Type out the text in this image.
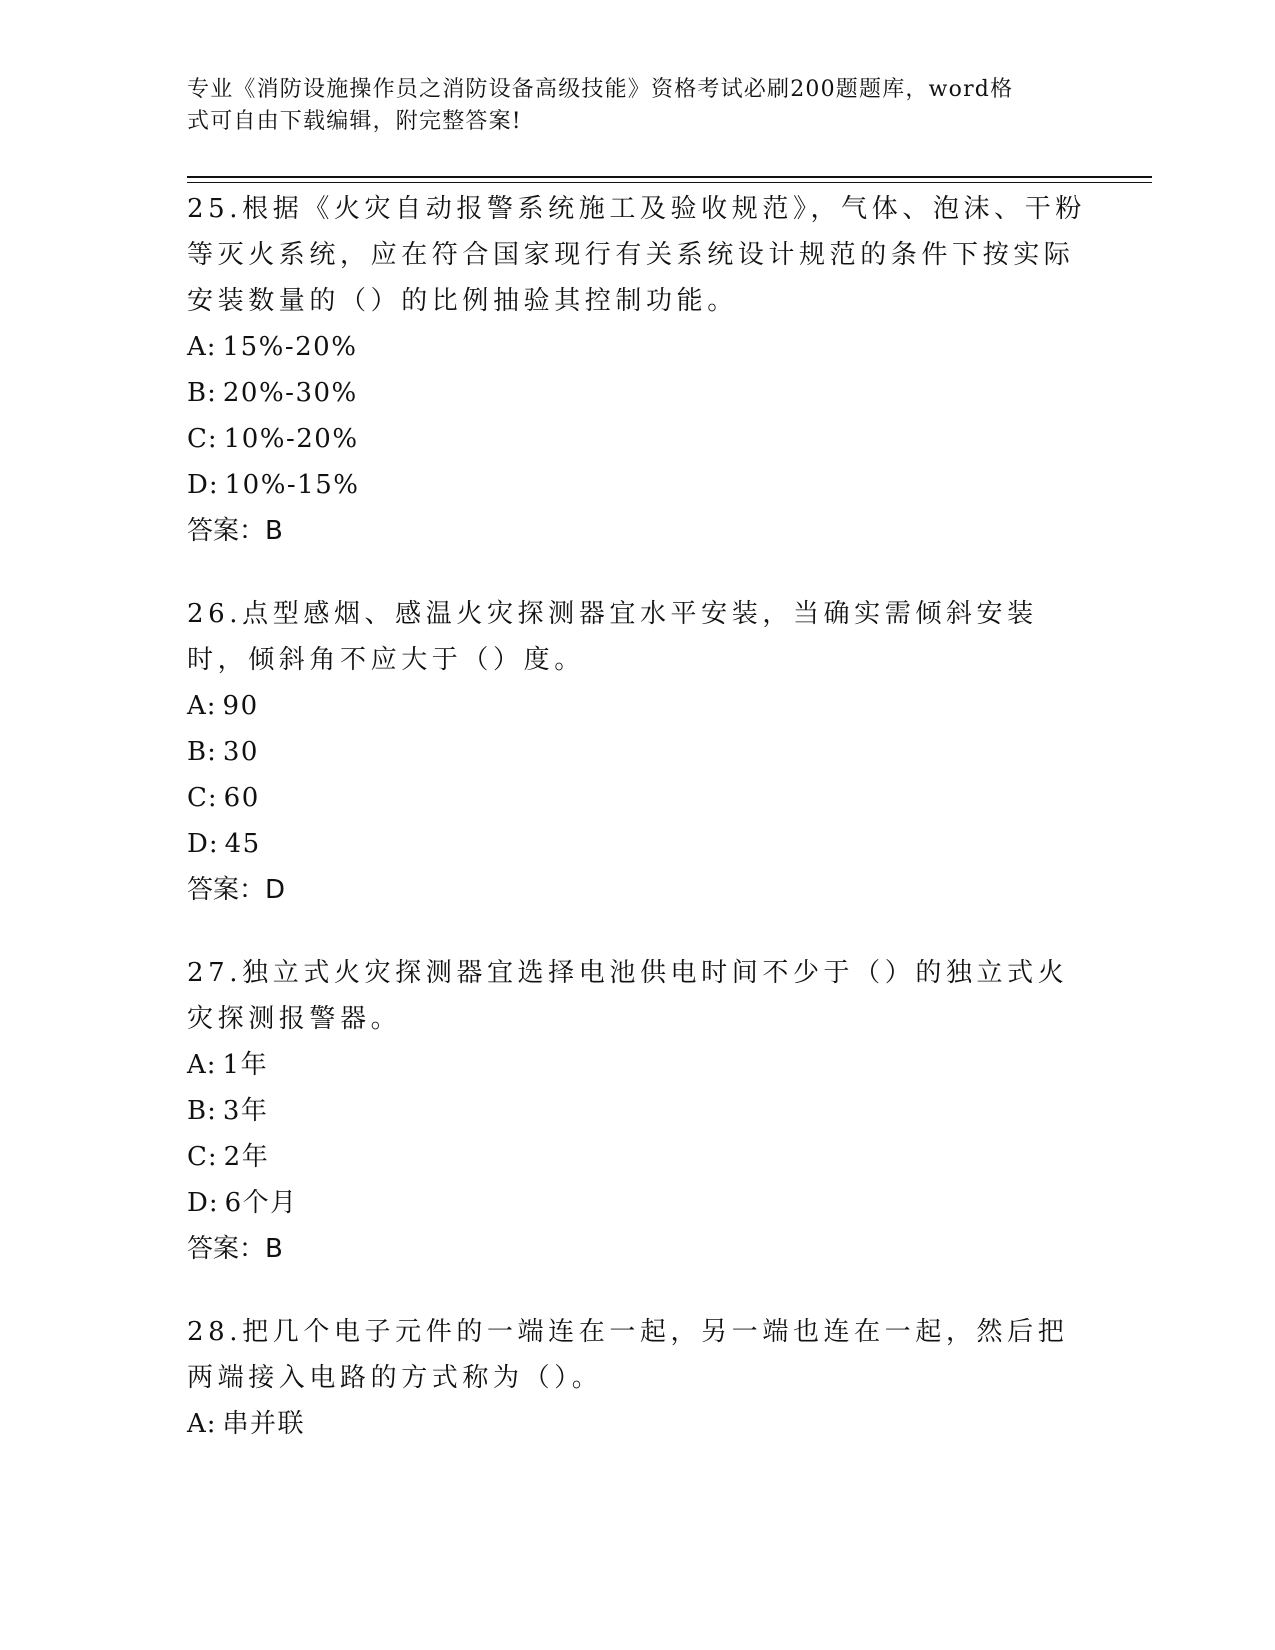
专业《消防设施操作员之消防设备高级技能》资格考试必刷200题题库，word格
式可自由下载编辑，附完整答案!

25.根据《火灾自动报警系统施工及验收规范》，气体、泡沫、干粉等灭火系统，应在符合国家现行有关系统设计规范的条件下按实际安装数量的（）的比例抽验其控制功能。

A: 15%-20%

B: 20%-30%

C: 10%-20%

D: 10%-15%

答案：B

26.点型感烟、感温火灾探测器宜水平安装，当确实需倾斜安装时，倾斜角不应大于（）度。

A: 90

B: 30

C: 60

D: 45

答案：D

27.独立式火灾探测器宜选择电池供电时间不少于（）的独立式火灾探测报警器。

A: 1年

B: 3年

C: 2年

D: 6个月

答案：B

28.把几个电子元件的一端连在一起，另一端也连在一起，然后把两端接入电路的方式称为（）。

A: 串并联
